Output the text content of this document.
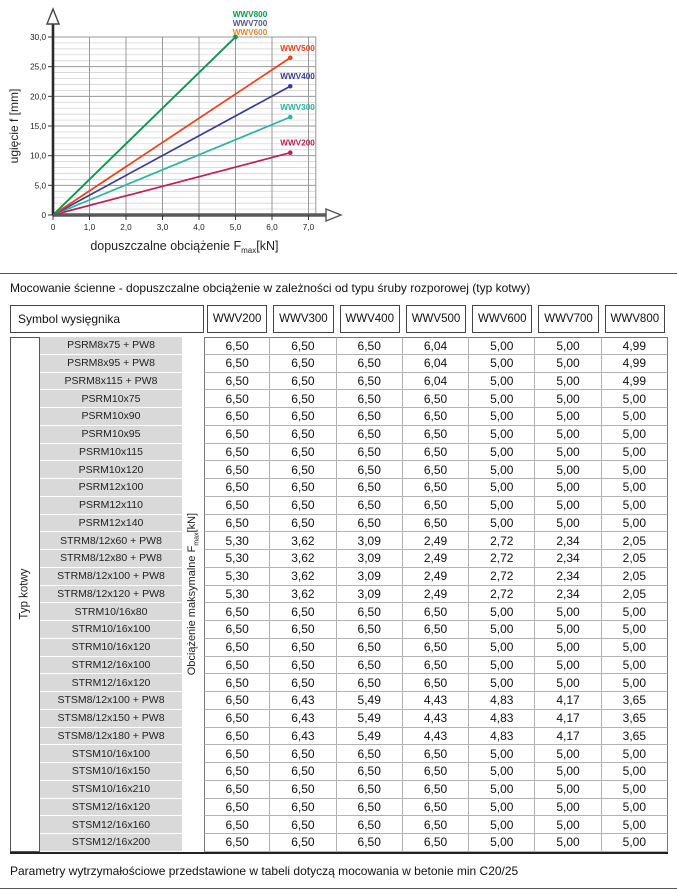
WWV200
WWV300
WWV400
WWV500
WWV800
WWV700
WWV600
0	1,0	2,0	3,0	4,0	5,0	6,0	7,0
0
5,0
10,0
15,0
20,0
25,0
30,0
ugięcie f [mm]
dopuszczalne obciążenie $F_{max}[kN]$
Mocowanie ścienne - dopuszczalne obciążenie w zależności od typu śruby rozporowej (typ kotwy)
Symbol wysięgnika	WWV200	WWV300	WWV400	WWV500	WWV600	WWV700	WWV800
Typ kotwy	Obciążenie maksymalne $F_{max}[kN]$
PSRM8x75 + PW8	6,50	6,50	6,50	6,04	5,00	5,00	4,99
PSRM8x95 + PW8	6,50	6,50	6,50	6,04	5,00	5,00	4,99
PSRM8x115 + PW8	6,50	6,50	6,50	6,04	5,00	5,00	4,99
PSRM10x75	6,50	6,50	6,50	6,50	5,00	5,00	5,00
PSRM10x90	6,50	6,50	6,50	6,50	5,00	5,00	5,00
PSRM10x95	6,50	6,50	6,50	6,50	5,00	5,00	5,00
PSRM10x115	6,50	6,50	6,50	6,50	5,00	5,00	5,00
PSRM10x120	6,50	6,50	6,50	6,50	5,00	5,00	5,00
PSRM12x100	6,50	6,50	6,50	6,50	5,00	5,00	5,00
PSRM12x110	6,50	6,50	6,50	6,50	5,00	5,00	5,00
PSRM12x140	6,50	6,50	6,50	6,50	5,00	5,00	5,00
STRM8/12x60 + PW8	5,30	3,62	3,09	2,49	2,72	2,34	2,05
STRM8/12x80 + PW8	5,30	3,62	3,09	2,49	2,72	2,34	2,05
STRM8/12x100 + PW8	5,30	3,62	3,09	2,49	2,72	2,34	2,05
STRM8/12x120 + PW8	5,30	3,62	3,09	2,49	2,72	2,34	2,05
STRM10/16x80	6,50	6,50	6,50	6,50	5,00	5,00	5,00
STRM10/16x100	6,50	6,50	6,50	6,50	5,00	5,00	5,00
STRM10/16x120	6,50	6,50	6,50	6,50	5,00	5,00	5,00
STRM12/16x100	6,50	6,50	6,50	6,50	5,00	5,00	5,00
STRM12/16x120	6,50	6,50	6,50	6,50	5,00	5,00	5,00
STSM8/12x100 + PW8	6,50	6,43	5,49	4,43	4,83	4,17	3,65
STSM8/12x150 + PW8	6,50	6,43	5,49	4,43	4,83	4,17	3,65
STSM8/12x180 + PW8	6,50	6,43	5,49	4,43	4,83	4,17	3,65
STSM10/16x100	6,50	6,50	6,50	6,50	5,00	5,00	5,00
STSM10/16x150	6,50	6,50	6,50	6,50	5,00	5,00	5,00
STSM10/16x210	6,50	6,50	6,50	6,50	5,00	5,00	5,00
STSM12/16x120	6,50	6,50	6,50	6,50	5,00	5,00	5,00
STSM12/16x160	6,50	6,50	6,50	6,50	5,00	5,00	5,00
STSM12/16x200	6,50	6,50	6,50	6,50	5,00	5,00	5,00
Parametry wytrzymałościowe przedstawione w tabeli dotyczą mocowania w betonie min C20/25
